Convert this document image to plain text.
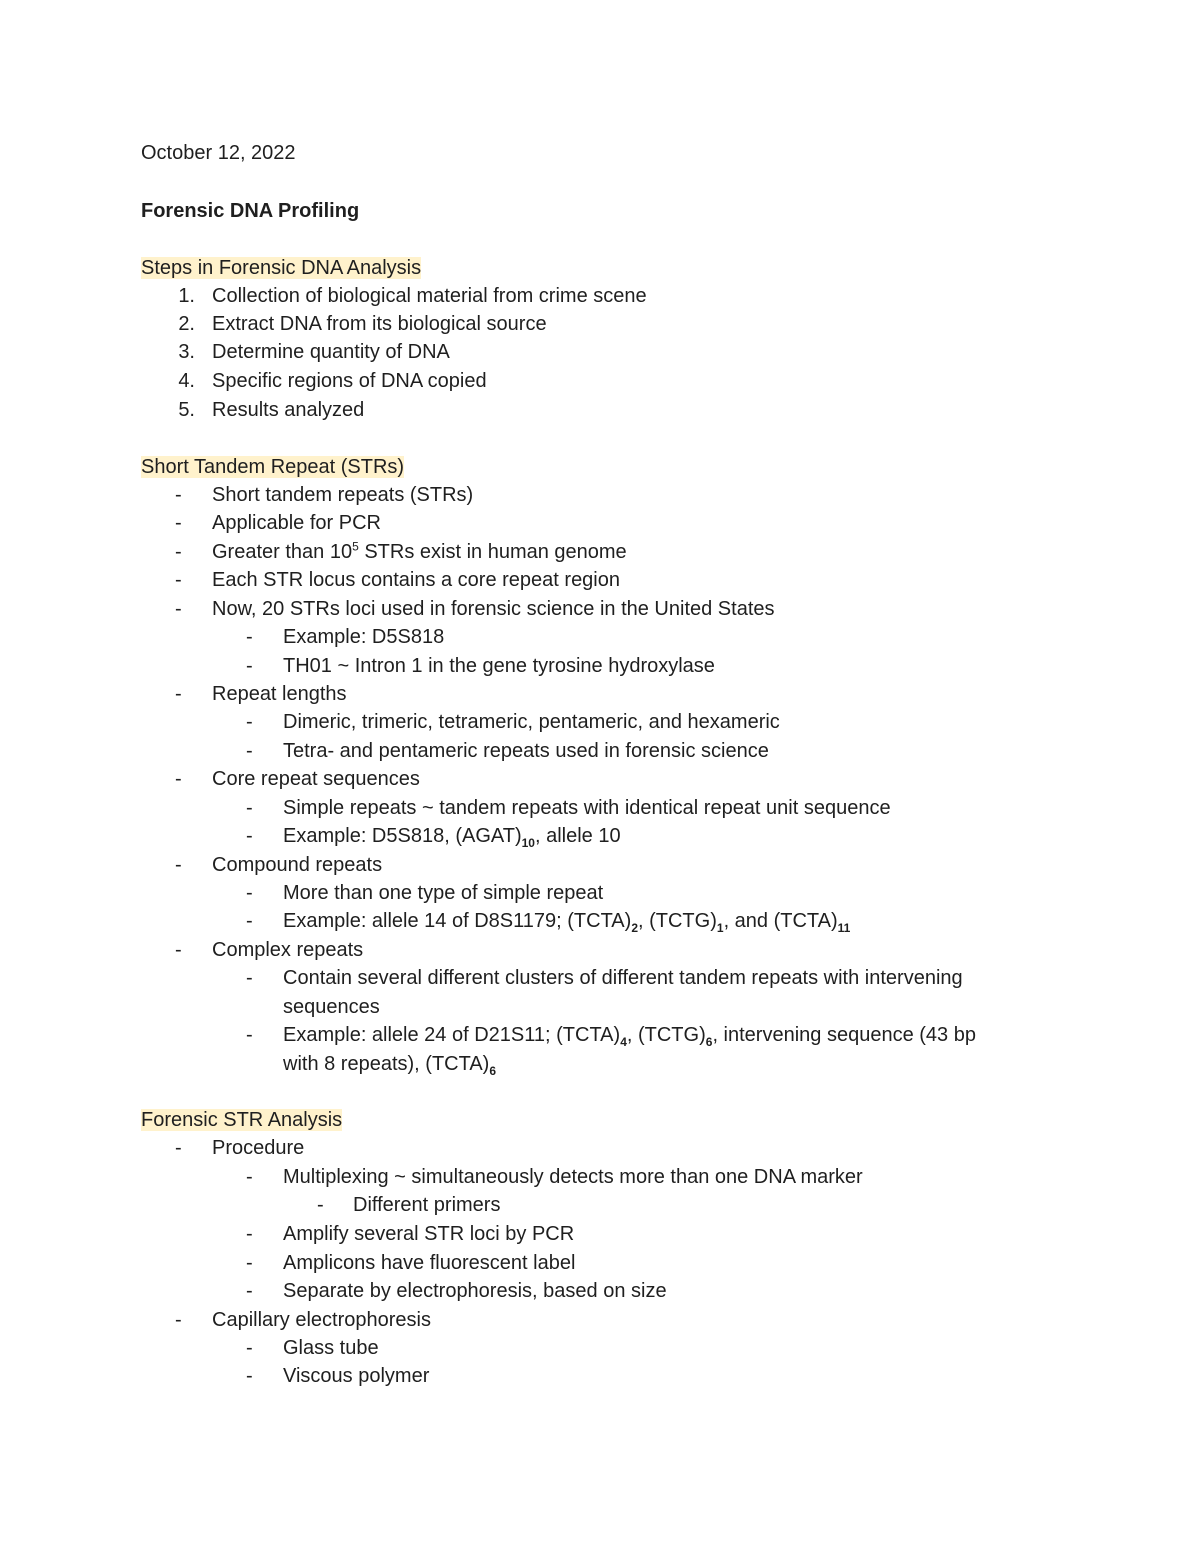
October 12, 2022
Forensic DNA Profiling
Steps in Forensic DNA Analysis
1. Collection of biological material from crime scene
2. Extract DNA from its biological source
3. Determine quantity of DNA
4. Specific regions of DNA copied
5. Results analyzed
Short Tandem Repeat (STRs)
- Short tandem repeats (STRs)
- Applicable for PCR
- Greater than $10^5$ STRs exist in human genome
- Each STR locus contains a core repeat region
- Now, 20 STRs loci used in forensic science in the United States
- Example: D5S818
- TH01 ~ Intron 1 in the gene tyrosine hydroxylase
- Repeat lengths
- Dimeric, trimeric, tetrameric, pentameric, and hexameric
- Tetra- and pentameric repeats used in forensic science
- Core repeat sequences
- Simple repeats ~ tandem repeats with identical repeat unit sequence
- Example: D5S818, $(AGAT)_{10}$, allele 10
- Compound repeats
- More than one type of simple repeat
- Example: allele 14 of D8S1179; $(TCTA)_2$, $(TCTG)_1$, and $(TCTA)_{11}$
- Complex repeats
- Contain several different clusters of different tandem repeats with intervening
sequences
- Example: allele 24 of D21S11; $(TCTA)_4$, $(TCTG)_6$, intervening sequence (43 bp
with 8 repeats), $(TCTA)_6$
Forensic STR Analysis
- Procedure
- Multiplexing ~ simultaneously detects more than one DNA marker
- Different primers
- Amplify several STR loci by PCR
- Amplicons have fluorescent label
- Separate by electrophoresis, based on size
- Capillary electrophoresis
- Glass tube
- Viscous polymer
